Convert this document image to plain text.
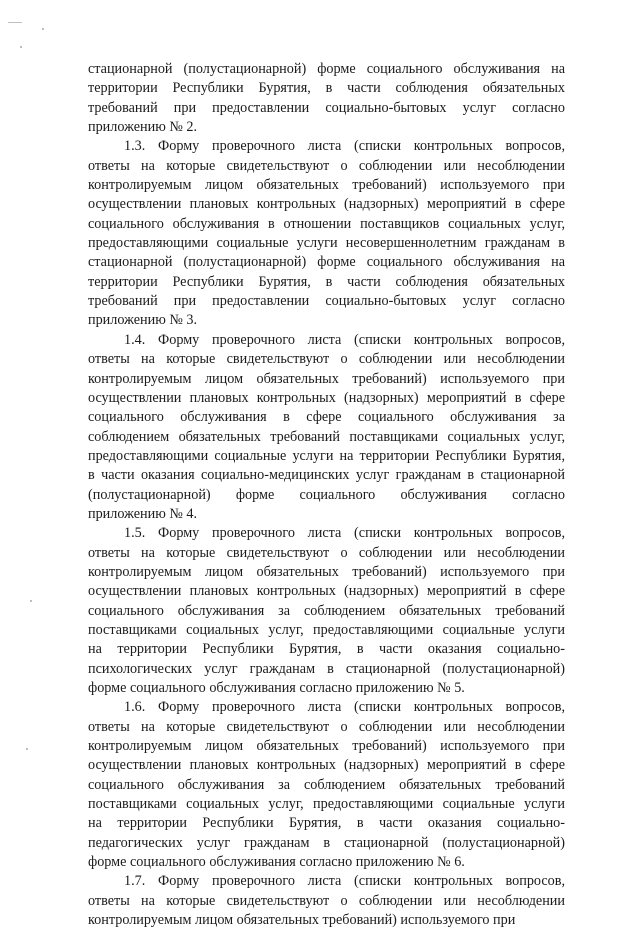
стационарной (полустационарной) форме социального обслуживания на
территории Республики Бурятия, в части соблюдения обязательных
требований при предоставлении социально-бытовых услуг согласно
приложению № 2.
1.3. Форму проверочного листа (списки контрольных вопросов,
ответы на которые свидетельствуют о соблюдении или несоблюдении
контролируемым лицом обязательных требований) используемого при
осуществлении плановых контрольных (надзорных) мероприятий в сфере
социального обслуживания в отношении поставщиков социальных услуг,
предоставляющими социальные услуги несовершеннолетним гражданам в
стационарной (полустационарной) форме социального обслуживания на
территории Республики Бурятия, в части соблюдения обязательных
требований при предоставлении социально-бытовых услуг согласно
приложению № 3.
1.4. Форму проверочного листа (списки контрольных вопросов,
ответы на которые свидетельствуют о соблюдении или несоблюдении
контролируемым лицом обязательных требований) используемого при
осуществлении плановых контрольных (надзорных) мероприятий в сфере
социального обслуживания в сфере социального обслуживания за
соблюдением обязательных требований поставщиками социальных услуг,
предоставляющими социальные услуги на территории Республики Бурятия,
в части оказания социально-медицинских услуг гражданам в стационарной
(полустационарной) форме социального обслуживания согласно
приложению № 4.
1.5. Форму проверочного листа (списки контрольных вопросов,
ответы на которые свидетельствуют о соблюдении или несоблюдении
контролируемым лицом обязательных требований) используемого при
осуществлении плановых контрольных (надзорных) мероприятий в сфере
социального обслуживания за соблюдением обязательных требований
поставщиками социальных услуг, предоставляющими социальные услуги
на территории Республики Бурятия, в части оказания социально-
психологических услуг гражданам в стационарной (полустационарной)
форме социального обслуживания согласно приложению № 5.
1.6. Форму проверочного листа (списки контрольных вопросов,
ответы на которые свидетельствуют о соблюдении или несоблюдении
контролируемым лицом обязательных требований) используемого при
осуществлении плановых контрольных (надзорных) мероприятий в сфере
социального обслуживания за соблюдением обязательных требований
поставщиками социальных услуг, предоставляющими социальные услуги
на территории Республики Бурятия, в части оказания социально-
педагогических услуг гражданам в стационарной (полустационарной)
форме социального обслуживания согласно приложению № 6.
1.7. Форму проверочного листа (списки контрольных вопросов,
ответы на которые свидетельствуют о соблюдении или несоблюдении
контролируемым лицом обязательных требований) используемого при
